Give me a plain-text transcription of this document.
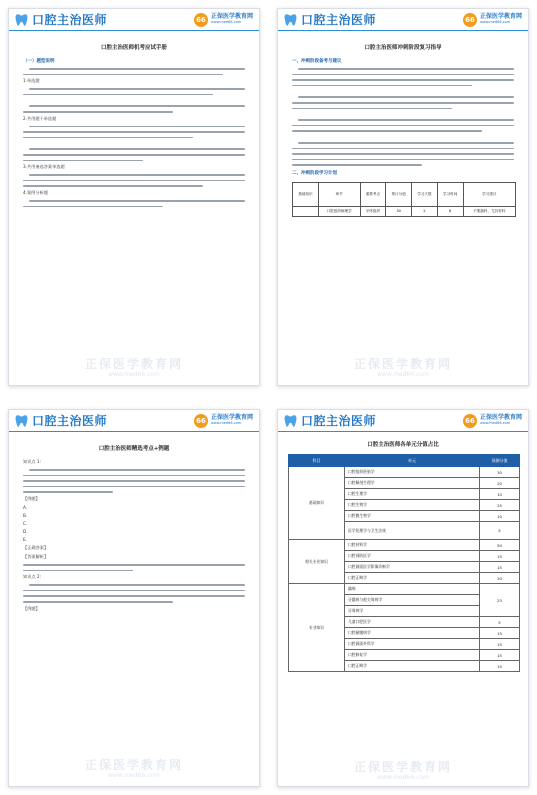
口腔主治医师	66 正保医学教育网
www.med66.com
口腔主治医师机考应试手册
（一）题型说明
1.单选题
2.共用题干单选题
3.共用备选答案单选题
4.案例分析题
正保医学教育网
www.med66.com
口腔主治医师	66 正保医学教育网
www.med66.com
口腔主治医师冲刺阶段复习指导
一、冲刺阶段备考与建议
二、冲刺阶段学习计划
基础知识	章节	重要考点	预计分值	学习天数	学习时间	学习建议
	口腔组织病理学	牙体组织	30	2	8	不要漏科，尤其材料
正保医学教育网
www.med66.com
口腔主治医师	66 正保医学教育网
www.med66.com
口腔主治医师精选考点+例题
知识点 1:
【例题】
A.
B.
C.
D.
E.
【正确答案】
【答案解析】
知识点 2:
【例题】
正保医学教育网
www.med66.com
口腔主治医师	66 正保医学教育网
www.med66.com
口腔主治医师各单元分值占比
科目	单元	预测分值
基础知识	口腔组织胚胎学	30
	口腔解剖生理学	20
	口腔生理学	10
	口腔生物学	25
	口腔微生物学	10
	医学伦理学与卫生法规	5
相关专业知识	口腔材料学	50
	口腔预防医学	15
	口腔颌面医学影像诊断学	15
	口腔正畸学	20
专业知识	龋病	23
	牙髓病与根尖周病学	
	牙周病学	
	儿童口腔医学	5
	口腔黏膜病学	15
	口腔颌面外科学	15
	口腔修复学	15
	口腔正畸学	15
正保医学教育网
www.med66.com
